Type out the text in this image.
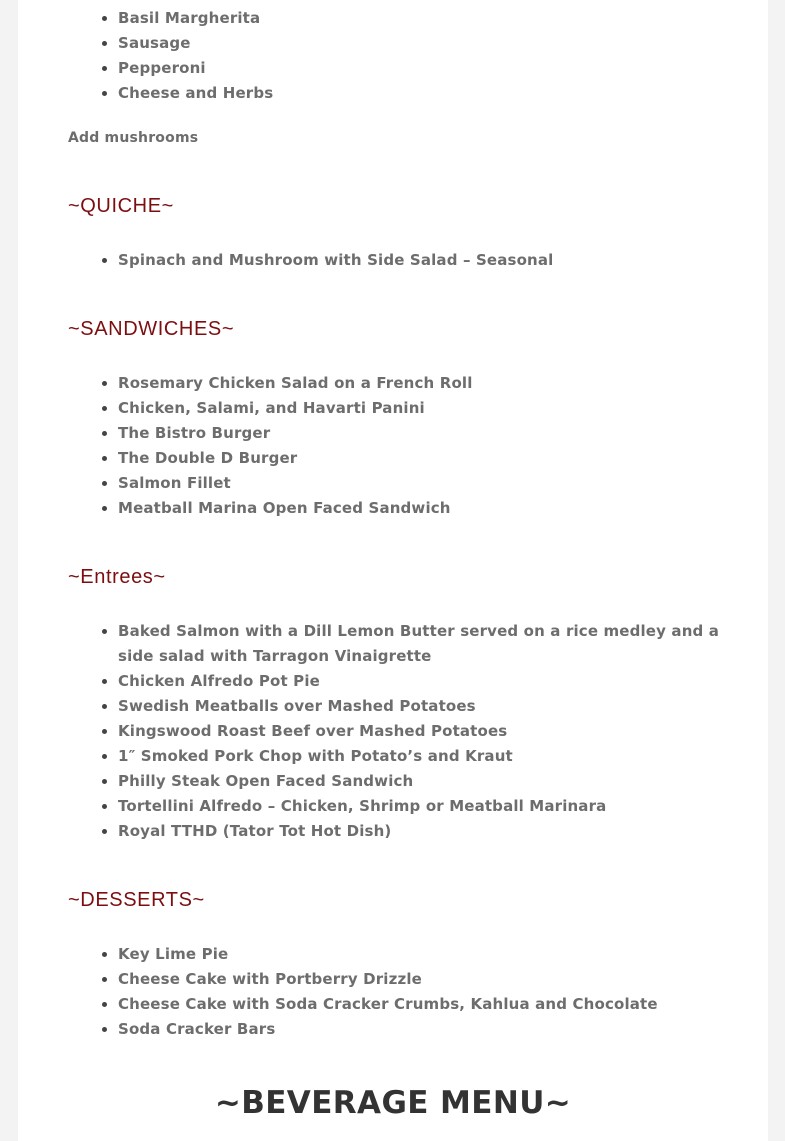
• Basil Margherita
• Sausage
• Pepperoni
• Cheese and Herbs

Add mushrooms

~QUICHE~
• Spinach and Mushroom with Side Salad – Seasonal
~SANDWICHES~
• Rosemary Chicken Salad on a French Roll
• Chicken, Salami, and Havarti Panini
• The Bistro Burger
• The Double D Burger
• Salmon Fillet
• Meatball Marina Open Faced Sandwich
~Entrees~
• Baked Salmon with a Dill Lemon Butter served on a rice medley and a side salad with Tarragon Vinaigrette
• Chicken Alfredo Pot Pie
• Swedish Meatballs over Mashed Potatoes
• Kingswood Roast Beef over Mashed Potatoes
• 1″ Smoked Pork Chop with Potato’s and Kraut
• Philly Steak Open Faced Sandwich
• Tortellini Alfredo – Chicken, Shrimp or Meatball Marinara
• Royal TTHD (Tator Tot Hot Dish)
~DESSERTS~
• Key Lime Pie
• Cheese Cake with Portberry Drizzle
• Cheese Cake with Soda Cracker Crumbs, Kahlua and Chocolate
• Soda Cracker Bars
~BEVERAGE MENU~
